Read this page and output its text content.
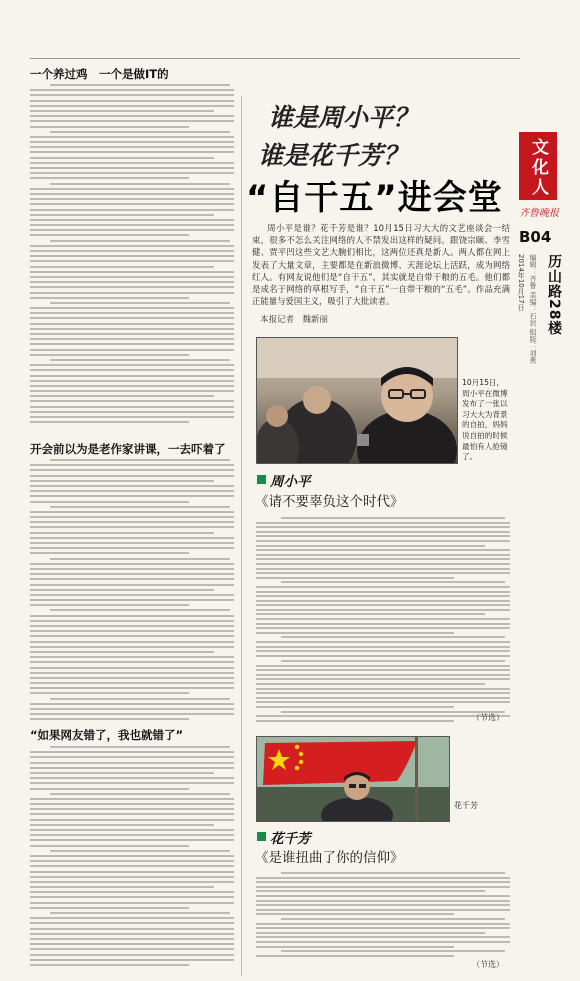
一个养过鸡　一个是做IT的
开会前以为是老作家讲课，一去吓着了
“如果网友错了，我也就错了”
文化人
齐鲁晚报
B04
2014年10月17日 编辑：齐鲁 美编：石岩 组版：刘燕 历山路28楼
谁是周小平？
谁是花千芳？
“自干五”进会堂
周小平是谁？花千芳是谁？10月15日习大大的文艺座谈会一结束，很多不怎么关注网络的人不禁发出这样的疑问。跟饶宗颐、李雪健、贾平凹这些文艺大腕们相比，这两位还真是新人。两人都在网上发表了大量文章，主要都是在新浪微博、天涯论坛上活跃，成为网络红人。有网友说他们是“自干五”，其实就是自带干粮的五毛。他们都是成名于网络的草根写手，“自干五”一自带干粮的“五毛”。作品充满正能量与爱国主义，吸引了大批读者。
本报记者　魏新丽
10月15日，周小平在微博发布了一张以习大大为背景的自拍，妈妈说自拍的时候最怕有人抢镜了。
周小平
《请不要辜负这个时代》
（节选）
花千芳
花千芳
《是谁扭曲了你的信仰》
（节选）
